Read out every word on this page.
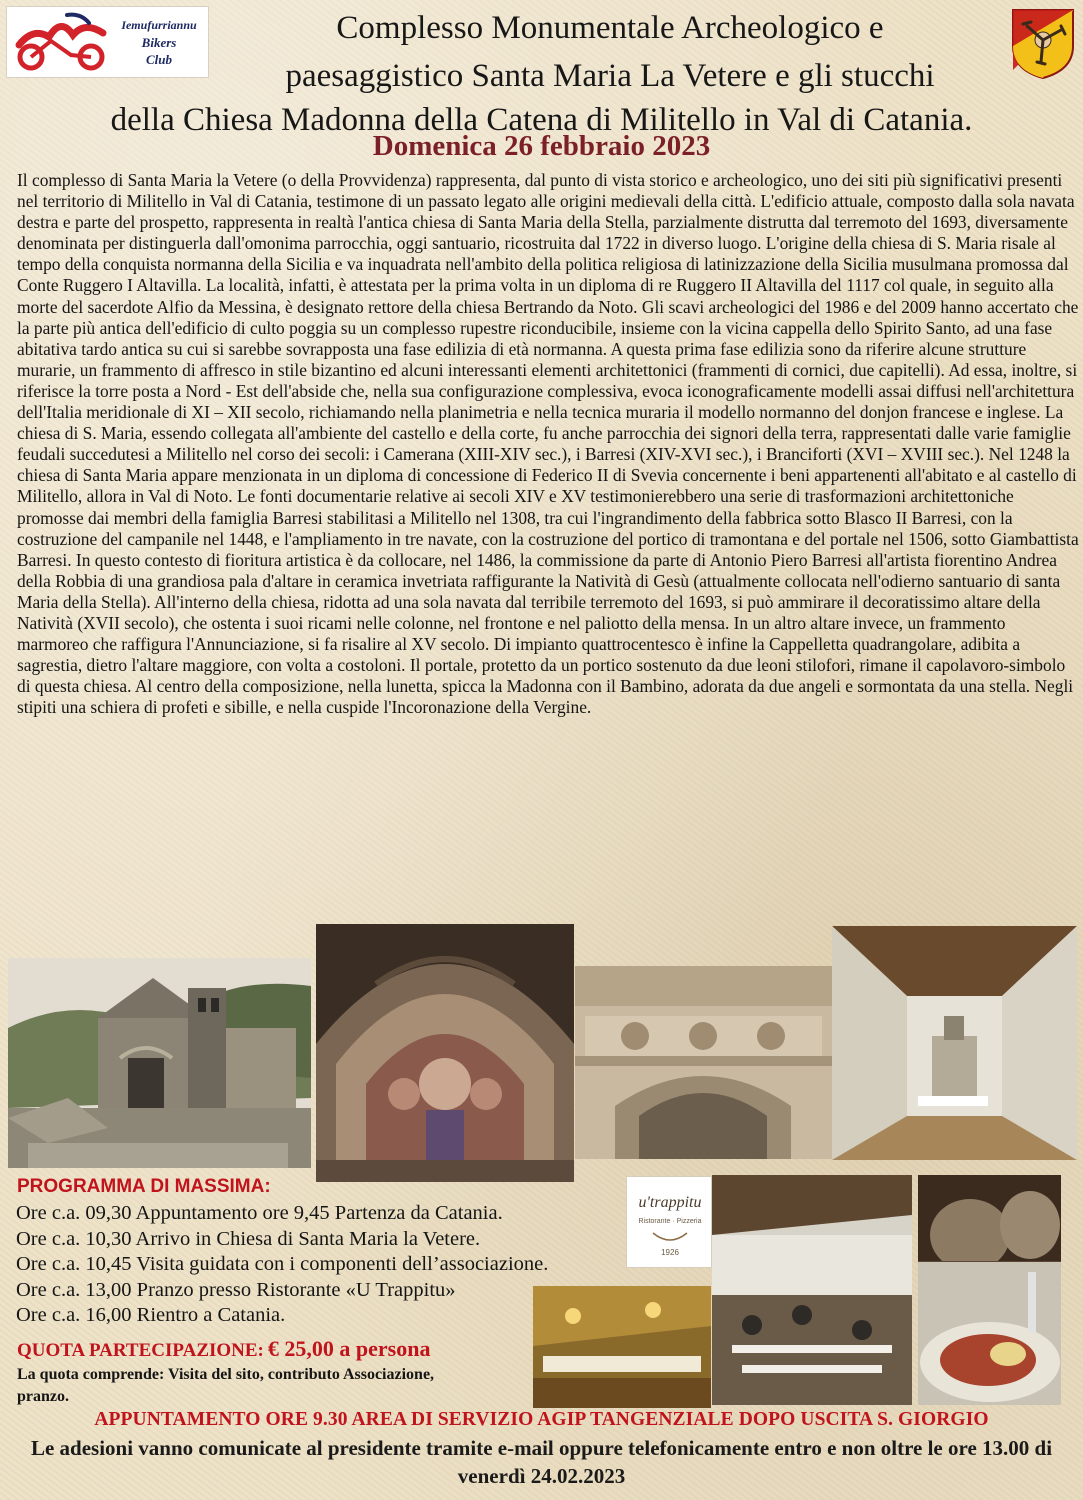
Iemufurriannu
Bikers
Club
Complesso Monumentale Archeologico e
paesaggistico Santa Maria La Vetere e gli stucchi
della Chiesa Madonna della Catena di Militello in Val di Catania.
Domenica 26 febbraio 2023
Il complesso di Santa Maria la Vetere (o della Provvidenza) rappresenta, dal punto di vista storico e archeologico, uno dei siti più significativi presenti nel territorio di Militello in Val di Catania, testimone di un passato legato alle origini medievali della città. L'edificio attuale, composto dalla sola navata destra e parte del prospetto, rappresenta in realtà l'antica chiesa di Santa Maria della Stella, parzialmente distrutta dal terremoto del 1693, diversamente denominata per distinguerla dall'omonima parrocchia, oggi santuario, ricostruita dal 1722 in diverso luogo. L'origine della chiesa di S. Maria risale al tempo della conquista normanna della Sicilia e va inquadrata nell'ambito della politica religiosa di latinizzazione della Sicilia musulmana promossa dal Conte Ruggero I Altavilla. La località, infatti, è attestata per la prima volta in un diploma di re Ruggero II Altavilla del 1117 col quale, in seguito alla morte del sacerdote Alfio da Messina, è designato rettore della chiesa Bertrando da Noto. Gli scavi archeologici del 1986 e del 2009 hanno accertato che la parte più antica dell'edificio di culto poggia su un complesso rupestre riconducibile, insieme con la vicina cappella dello Spirito Santo, ad una fase abitativa tardo antica su cui si sarebbe sovrapposta una fase edilizia di età normanna. A questa prima fase edilizia sono da riferire alcune strutture murarie, un frammento di affresco in stile bizantino ed alcuni interessanti elementi architettonici (frammenti di cornici, due capitelli). Ad essa, inoltre, si riferisce la torre posta a Nord - Est dell'abside che, nella sua configurazione complessiva, evoca iconograficamente modelli assai diffusi nell'architettura dell'Italia meridionale di XI – XII secolo, richiamando nella planimetria e nella tecnica muraria il modello normanno del donjon francese e inglese. La chiesa di S. Maria, essendo collegata all'ambiente del castello e della corte, fu anche parrocchia dei signori della terra, rappresentati dalle varie famiglie feudali succedutesi a Militello nel corso dei secoli: i Camerana (XIII-XIV sec.), i Barresi (XIV-XVI sec.), i Branciforti (XVI – XVIII sec.). Nel 1248 la chiesa di Santa Maria appare menzionata in un diploma di concessione di Federico II di Svevia concernente i beni appartenenti all'abitato e al castello di Militello, allora in Val di Noto. Le fonti documentarie relative ai secoli XIV e XV testimonierebbero una serie di trasformazioni architettoniche promosse dai membri della famiglia Barresi stabilitasi a Militello nel 1308, tra cui l'ingrandimento della fabbrica sotto Blasco II Barresi, con la costruzione del campanile nel 1448, e l'ampliamento in tre navate, con la costruzione del portico di tramontana e del portale nel 1506, sotto Giambattista Barresi. In questo contesto di fioritura artistica è da collocare, nel 1486, la commissione da parte di Antonio Piero Barresi all'artista fiorentino Andrea della Robbia di una grandiosa pala d'altare in ceramica invetriata raffigurante la Natività di Gesù (attualmente collocata nell'odierno santuario di santa Maria della Stella). All'interno della chiesa, ridotta ad una sola navata dal terribile terremoto del 1693, si può ammirare il decoratissimo altare della Natività (XVII secolo), che ostenta i suoi ricami nelle colonne, nel frontone e nel paliotto della mensa. In un altro altare invece, un frammento marmoreo che raffigura l'Annunciazione, si fa risalire al XV secolo. Di impianto quattrocentesco è infine la Cappelletta quadrangolare, adibita a sagrestia, dietro l'altare maggiore, con volta a costoloni. Il portale, protetto da un portico sostenuto da due leoni stilofori, rimane il capolavoro-simbolo di questa chiesa. Al centro della composizione, nella lunetta, spicca la Madonna con il Bambino, adorata da due angeli e sormontata da una stella. Negli stipiti una schiera di profeti e sibille, e nella cuspide l'Incoronazione della Vergine.
PROGRAMMA DI MASSIMA:
Ore c.a. 09,30 Appuntamento ore 9,45 Partenza da Catania.
Ore c.a. 10,30 Arrivo in Chiesa di Santa Maria la Vetere.
Ore c.a. 10,45 Visita guidata con i componenti dell’associazione.
Ore c.a. 13,00 Pranzo presso Ristorante «U Trappitu»
Ore c.a. 16,00 Rientro a Catania.
QUOTA PARTECIPAZIONE: € 25,00 a persona
La quota comprende: Visita del sito, contributo Associazione, pranzo.
u'trappitu
Ristorante · Pizzeria
1926
APPUNTAMENTO ORE 9.30 AREA DI SERVIZIO AGIP TANGENZIALE DOPO USCITA S. GIORGIO
Le adesioni vanno comunicate al presidente tramite e-mail oppure telefonicamente entro e non oltre le ore 13.00 di venerdì 24.02.2023
